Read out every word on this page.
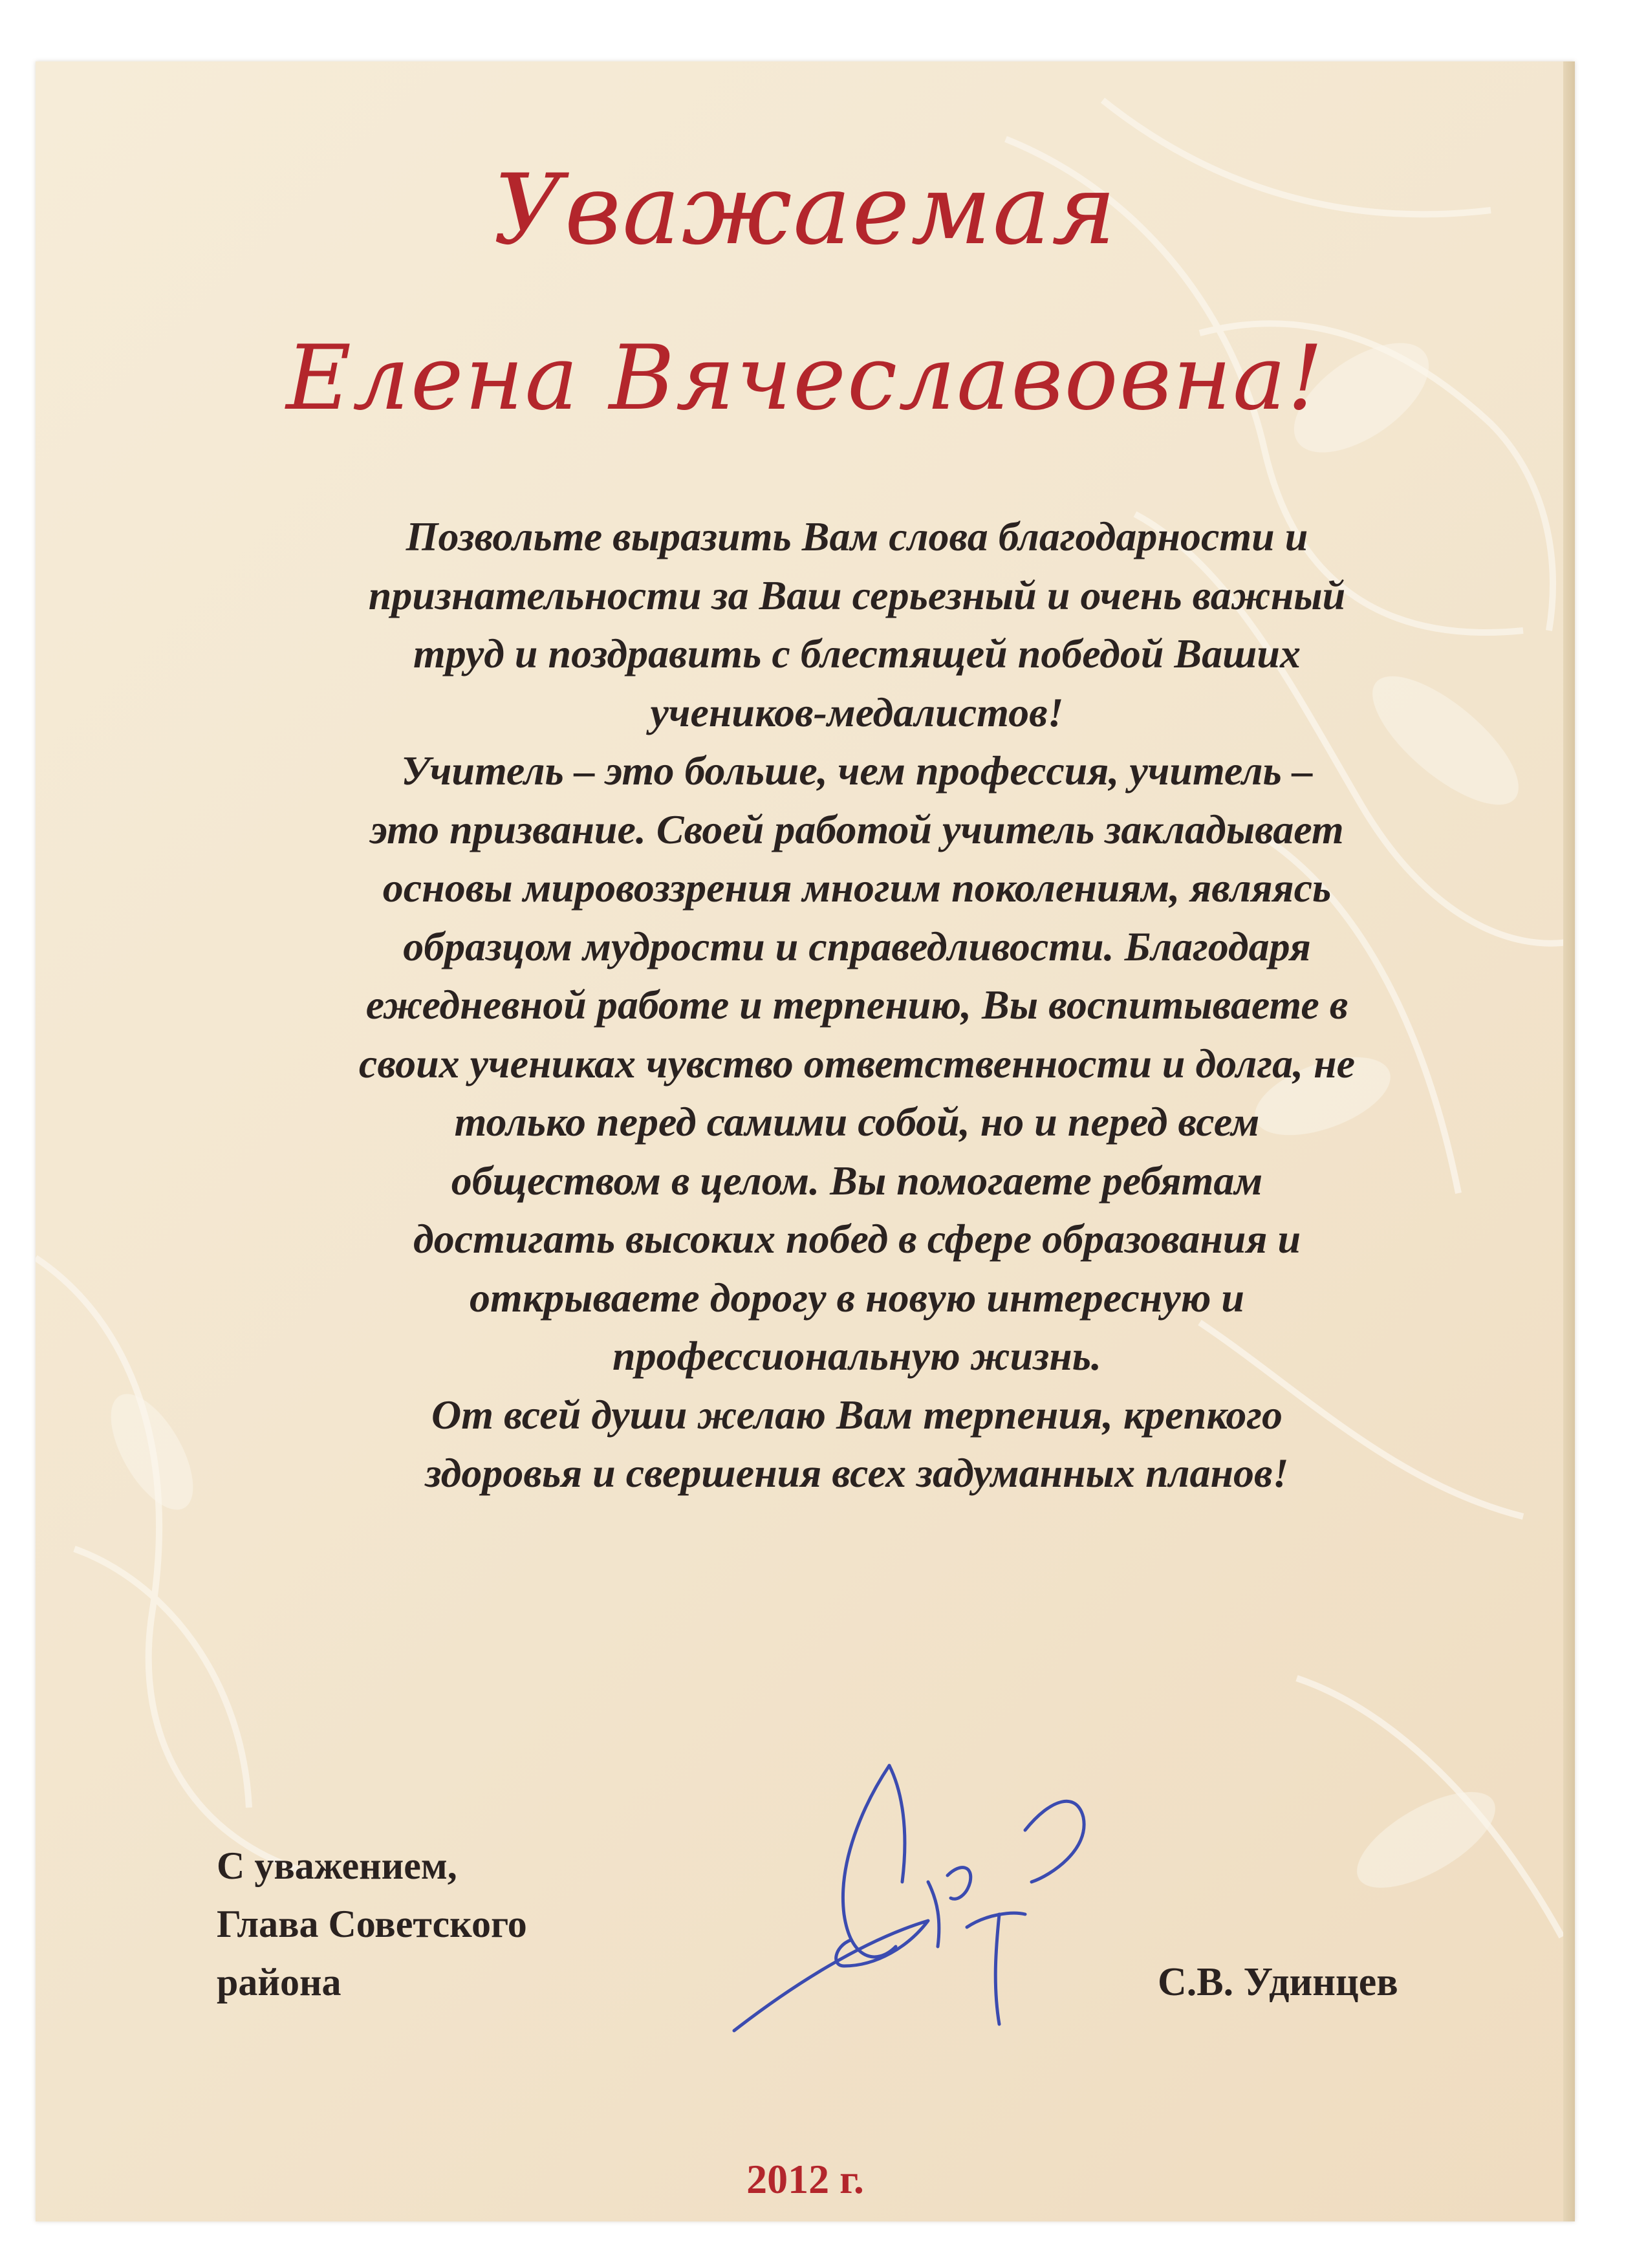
Уважаемая
Елена Вячеславовна!
Позвольте выразить Вам слова благодарности и
признательности за Ваш серьезный и очень важный
труд и поздравить с блестящей победой Ваших
учеников-медалистов!
Учитель – это больше, чем профессия, учитель –
это призвание. Своей работой учитель закладывает
основы мировоззрения многим поколениям, являясь
образцом мудрости и справедливости. Благодаря
ежедневной работе и терпению, Вы воспитываете в
своих учениках чувство ответственности и долга, не
только перед самими собой, но и перед всем
обществом в целом. Вы помогаете ребятам
достигать высоких побед в сфере образования и
открываете дорогу в новую интересную и
профессиональную жизнь.
От всей души желаю Вам терпения, крепкого
здоровья и свершения всех задуманных планов!
С уважением,
Глава Советского
района	С.В. Удинцев
2012 г.
